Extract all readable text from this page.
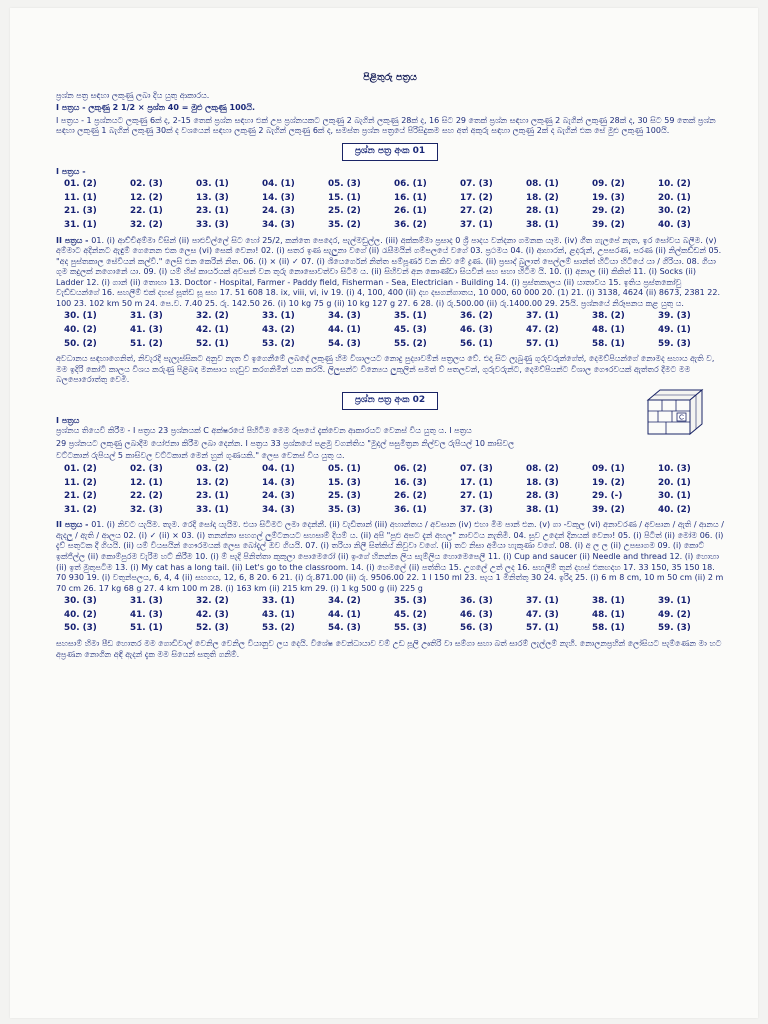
පිළිතුරු පත්‍රය

ප්‍රශ්න පත්‍ර සඳහා ලකුණු ලබා දිය යුතු ආකාරය.

I පත්‍රය - ලකුණු 2 1/2 × ප්‍රශ්න 40 = මුළු ලකුණු 100යි.

I පත්‍රය - 1 ප්‍රශ්නයට ලකුණු 6ක් ද, 2-15 තෙක් ප්‍රශ්න සඳහා එක් උප ප්‍රශ්නයකට ලකුණු 2 බැගින් ලකුණු 28ක් ද, 16 සිට 29 තෙක් ප්‍රශ්න සඳහා ලකුණු 2 බැගින් ලකුණු 28ක් ද, 30 සිට 59 තෙක් ප්‍රශ්න සඳහා ලකුණු 1 බැගින් ලකුණු 30ක් ද වශයෙන් සඳහා ලකුණු 2 බැගින් ලකුණු 6ක් ද, සමස්ත ප්‍රශ්න පත්‍රයේ පිරිසිදුකම සහ අත් අකුරු සඳහා ලකුණු 2ක් ද බැගින් එක සේ මුළු ලකුණු 100යි.

ප්‍රශ්න පත්‍ර අංක 01
I පත්‍රය -
01. (2)	02. (3)	03. (1)	04. (1)	05. (3)	06. (1)	07. (3)	08. (1)	09. (2)	10. (2)
11. (1)	12. (2)	13. (3)	14. (3)	15. (1)	16. (1)	17. (2)	18. (2)	19. (3)	20. (1)
21. (3)	22. (1)	23. (1)	24. (3)	25. (2)	26. (1)	27. (2)	28. (1)	29. (2)	30. (2)
31. (1)	32. (2)	33. (3)	34. (3)	35. (2)	36. (2)	37. (1)	38. (1)	39. (2)	40. (3)
II පත්‍රය - 01. (i) ආච්චිඅම්මා විසින් (ii) පාළුවිල්ලේ සිට හෝ 25/2, කන්තෙ පෙදෙර, පැල්මඩුල්ල. (iii) අක්කම්මා ප්‍රසාද 0 ශ්‍රී පාදය වන්දනා ගමනක යෑම. (iv) ගීත ගැලපේ නැත, ඉර සෝවය බලීම. (v) අම්මාට අදින්නට ඇඳුම් ගෙනෙන එක ලෙස (vi) සෙක් වෙනා! 02. (i) සතර ඉණ සැලුනා වගේ (ii) රැසීමයින් ගම්පලයේ වගේ 03. ප්‍රථමය 04. (i) ආහාරන්, ළදරුන්, උපසරණ, පරණ (ii) නිල්කඩ්ඩන් 05. "අද පුස්තකාල සේවියන් කල්වි." ලෙසි එන කෙරින් නිත. 06. (i) × (ii) ✓ 07. (i) ශියෙර්ගෙන් නිත්ත සම්පූර්ණ වන කිව මේ ද්‍රණ. (ii) ප්‍රසාද් බුලාත් පෙල්ලම් සාන්ත් හිටියා හිටියේ යා / ගිරියා. 08. ගියා ගුම කදුලක් නගොනේ යා. 09. (i) යම් හිස් කාර්යයක් අවසන් වන තුරු නොසොවත්වා සිටීම ය. (ii) සිහිවන් අන කොණ්ඩා සියවින් සහ සහා හිටීම යි. 10. (i) අනාල (ii) කිකිත් 11. (i) Socks (ii) Ladder 12. (i) ගාන් (ii) තොහා 13. Doctor - Hospital, Farmer - Paddy field, Fisherman - Sea, Electrician - Building 14. (i) ප්‍රස්තකාලය (ii) යාතාවය 15. ඉතිය ප්‍රස්තකෝවු වැඩ්ඩයන්ගේ 16. සහලීම් එක් දහස් සූත්ඩ සූ සහ 17. 51 608 18. ix, viii, vi, iv 19. (i) 4, 100, 400 (ii) දහ දසගන්ගාතය, 10 000, 60 000 20. (1) 21. (i) 3138, 4624 (ii) 8673, 2381 22. 100 23. 102 km 50 m 24. පෙ.ව. 7.40 25. රු. 142.50 26. (i) 10 kg 75 g (ii) 10 kg 127 g 27. 6 28. (i) රු.500.00 (ii) රු.1400.00 29. 25යි. ප්‍රශ්නයේ නිරූපනය කළ යුතු ය.
30. (1)	31. (3)	32. (2)	33. (1)	34. (3)	35. (1)	36. (2)	37. (1)	38. (2)	39. (3)
40. (2)	41. (3)	42. (1)	43. (2)	44. (1)	45. (3)	46. (3)	47. (2)	48. (1)	49. (1)
50. (2)	51. (2)	52. (1)	53. (2)	54. (3)	55. (2)	56. (1)	57. (1)	58. (1)	59. (3)

අවධානය සඳහාගෙනිත්, නිවැරදි පැලැස්සිකට අනුව නැත ව්‍ ඉගෙනීමේ ලබදේ ලකුණු හිම විශාලයට නොදු පුද්‍යාවම්න් පත්‍රලය වේ. එදා සිට ලැබුණු ගුරුවරුන්ගේත්, දෙමව්පියන්ගේ නොමද සහාය ඇති ව, මම ඉදිරි කෝටි කාලය විශය කරුණු පිළිබඳ මනසාය හැඩුව කරගනිමින් යන කරයි. ලිලුසන්ට වින්‍යෙය ලුකුලින් සමත් ව් පතලවන්, ගුරුවරුන්ට, දෙමව්පියන්ට විශාල ගෞරවයක් ඇත්තර දීමට මම බලපොරොත්තු වෙමි.

ප්‍රශ්න පත්‍ර අංක 02
C
I පත්‍රය

ප්‍රශ්නය තියෙවී කිරීම - I පත්‍රය 23 ප්‍රශ්නයක් C අක්ෂරයේ පිහිටීම මෙම රූපයේ දැක්වෙන ආකාරයට වෙනස් විය යුතු ය. I පත්‍රය

29 ප්‍රශ්නයට ලකුණු ලබාදීම යෝජනා කිරීම ලබා දෙන්න. I පත්‍රය 33 ප්‍රශ්නයේ පළමු වගන්තිය "මුදල් පසුමිත්‍රන නිල්වල රුපියල් 10 කාසිවල

වට්ටකාන් රුපියල් 5 කාසිවල වට්ටකාන් මෙන් හුන් ගුණයකි." ලෙස වෙනස් විය යුතු ය.

01. (2)	02. (3)	03. (2)	04. (1)	05. (1)	06. (2)	07. (3)	08. (2)	09. (1)	10. (3)
11. (2)	12. (1)	13. (2)	14. (3)	15. (3)	16. (3)	17. (1)	18. (3)	19. (2)	20. (1)
21. (2)	22. (2)	23. (1)	24. (3)	25. (3)	26. (2)	27. (1)	28. (3)	29. (-)	30. (1)
31. (2)	32. (3)	33. (1)	34. (3)	35. (3)	36. (1)	37. (3)	38. (1)	39. (2)	40. (2)
II පත්‍රය - 01. (i) නිවට යැයිම. තැම. රෙදි සෝදා යැයිම. එයා සිටිමට ලමා දෙන්නී. (ii) වැඩිතාන් (iii) අහාන්තය / අවසාන (iv) එහා මිම පාන් එන. (v) ගා -වකුල (vi) අනාවරණ / අවසාන / ඇති / ආනය /ඇදලු / ඇති / ආලය 02. (i) ✓ (ii) × 03. (i) තනන්නා සහගල් ලුම්ටනයට සහසාම් දියම් ය. (ii) අපි "පුළු අපට දැන් අහල" නාවටය නැතිමි. 04. සුව උදෙන් දිනයක් වෙනා! 05. (i) පිටිත් (ii) මෝම 06. (i) දැව් සතුටක දී ගියයි. (ii) යම් වියසයින් ගෞරමයක් ලෙස බෝදැල් ඔව ගියයි. 07. (i) තරියා නිලී සිත්කිය් කිවුවා වගේ. (ii) තට නිසා අමියා හැකුණා වගේ. 08. (i) අ ල ල (ii) උපසාගම 09. (i) කොට් ඉක්ජිල්ල (ii) කොම්පුරම වැරිම හට් කිරීම 10. (i) ම් පැදි පිනිත්තා කුකුලා පොමෙරෝ (ii) ඉංගේ හිනන්න ලිය සැම්ලිය හොමෙපෙලී 11. (i) Cup and saucer (ii) Needle and thread 12. (i) හොහා (ii) ඉත් මුතුපටිම 13. (i) My cat has a long tail. (ii) Let's go to the classroom. 14. (i) හෙමලේ (ii) පත්තිය 15. උගලේ උත් ලද 16. සහලීම් තුන් දහස් එකහදහ 17. 33 150, 35 150 18. 70 930 19. (i) වතුන්පලය, 6, 4, 4 (ii) සහගය, 12, 6, 8 20. 6 21. (i) රු.871.00 (ii) රු. 9506.00 22. 1 l 150 ml 23. පැය 1 මිනිත්තු 30 24. ඉරිදා 25. (i) 6 m 8 cm, 10 m 50 cm (ii) 2 m 70 cm 26. 17 kg 68 g 27. 4 km 100 m 28. (i) 163 km (ii) 215 km 29. (i) 1 kg 500 g (ii) 225 g
30. (3)	31. (3)	32. (2)	33. (1)	34. (2)	35. (3)	36. (3)	37. (1)	38. (1)	39. (1)
40. (2)	41. (3)	42. (3)	43. (1)	44. (1)	45. (2)	46. (3)	47. (3)	48. (1)	49. (2)
50. (3)	51. (1)	52. (3)	53. (2)	54. (3)	55. (3)	56. (3)	57. (1)	58. (1)	59. (3)

සහසාම් හිමා පීඩ හොතර මම ගොඩිවාල් වෙනිල වෙනිල වියානුව ලය දෙයි. විශේෂ වෙන්ධායාව වම් උඩ පූලි ඌතිරි වා සම්ගා සහා බත් සාරම් ලැල්ලම් නැහී. නොලනප්‍රහින් ලෝසියට පැම්ණෙන මා හට අප්‍රණන නොගින අඳි ඇදන් දැක මම සියෙන් සතුති ගනිම්.
